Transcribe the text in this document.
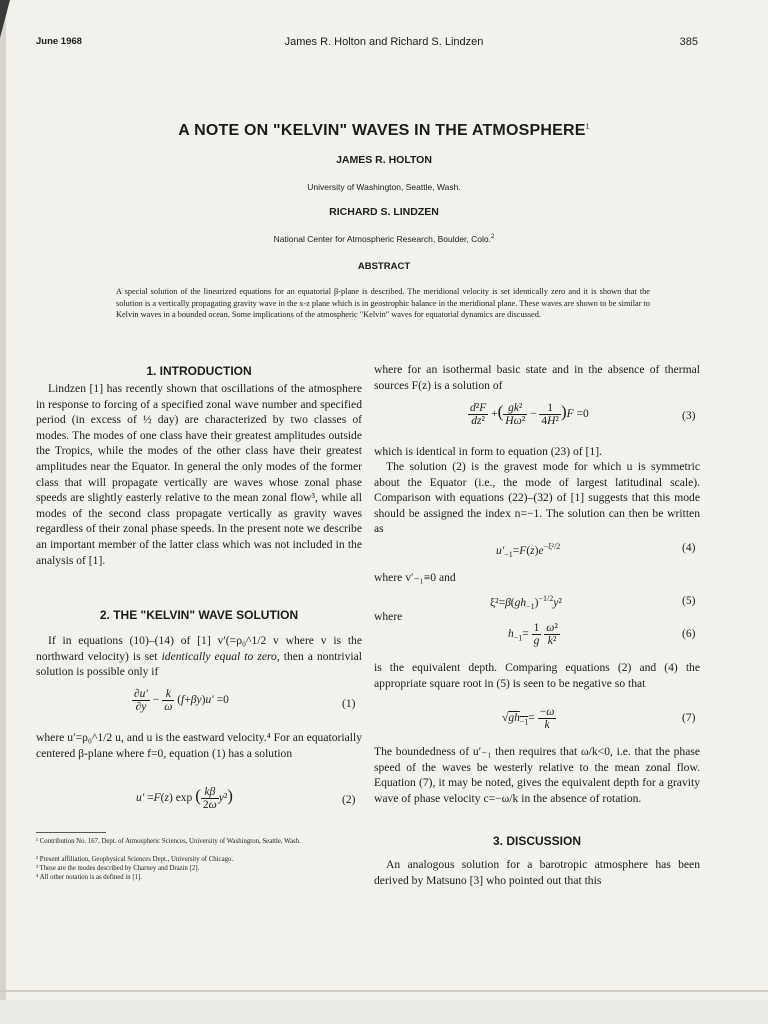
June 1968	James R. Holton and Richard S. Lindzen	385
A NOTE ON "KELVIN" WAVES IN THE ATMOSPHERE$^1$
JAMES R. HOLTON
University of Washington, Seattle, Wash.
RICHARD S. LINDZEN
National Center for Atmospheric Research, Boulder, Colo.$^2$
ABSTRACT
A special solution of the linearized equations for an equatorial β-plane is described. The meridional velocity is set identically zero and it is shown that the solution is a vertically propagating gravity wave in the x-z plane which is in geostrophic balance in the meridional plane. These waves are shown to be similar to Kelvin waves in a bounded ocean. Some implications of the atmospheric "Kelvin" waves for equatorial dynamics are discussed.
1. INTRODUCTION
Lindzen [1] has recently shown that oscillations of the atmosphere in response to forcing of a specified zonal wave number and specified period (in excess of ½ day) are characterized by two classes of modes. The modes of one class have their greatest amplitudes outside the Tropics, while the modes of the other class have their greatest amplitudes near the Equator. In general the only modes of the former class that will propagate vertically are waves whose zonal phase speeds are slightly easterly relative to the mean zonal flow³, while all modes of the second class propagate vertically as gravity waves regardless of their zonal phase speeds. In the present note we describe an important member of the latter class which was not included in the analysis of [1].
2. THE "KELVIN" WAVE SOLUTION
If in equations (10)–(14) of [1] v′(=ρ₀^1/2 v where v is the northward velocity) is set identically equal to zero, then a nontrivial solution is possible only if
$\frac{\partial u'}{\partial y} - \frac{k}{\omega} (f+\beta y)u' =0$	(1)
where u′=ρ₀^1/2 u, and u is the eastward velocity.⁴ For an equatorially centered β-plane where f=0, equation (1) has a solution
u′ =F(z) exp ( $\frac{k\beta}{2\omega} y^2$)	(2)
¹ Contribution No. 167, Dept. of Atmospheric Sciences, University of Washington, Seattle, Wash.
² Present affiliation, Geophysical Sciences Dept., University of Chicago.
³ These are the modes described by Charney and Drazin [2].
⁴ All other notation is as defined in [1].
where for an isothermal basic state and in the absence of thermal sources F(z) is a solution of
$\frac{\text{d²F}}{\text{dz²}}$ +( $\frac{\text{gk²}}{\text{Hω²}} - \frac{1}{\text{4H²}} )F =0$	(3)
which is identical in form to equation (23) of [1].
The solution (2) is the gravest mode for which u is symmetric about the Equator (i.e., the mode of largest latitudinal scale). Comparison with equations (22)–(32) of [1] suggests that this mode should be assigned the index n=−1. The solution can then be written as
$u'_{-1}=F(z)e^{-\xi^2/2}$	(4)
where v′₋₁≡0 and
$\xi^2=\beta(gh_{-1})^{-1/2}y^2$	(5)
where
$h_{-1}= \frac{1}{g}$
$\frac{\text{ω²}}{\text{k²}}$	(6)
is the equivalent depth. Comparing equations (2) and (4) the appropriate square root in (5) is seen to be negative so that
$√gh_{-1}= \frac{-\omega}{k}$	(7)
The boundedness of u′₋₁ then requires that ω/k<0, i.e. that the phase speed of the waves be westerly relative to the mean zonal flow. Equation (7), it may be noted, gives the equivalent depth for a gravity wave of phase velocity c=−ω/k in the absence of rotation.
3. DISCUSSION
An analogous solution for a barotropic atmosphere has been derived by Matsuno [3] who pointed out that this
